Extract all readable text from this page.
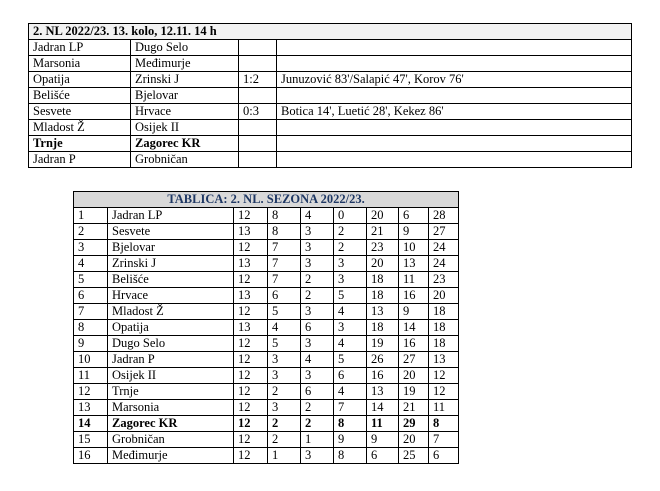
2. NL 2022/23. 13. kolo, 12.11. 14 h			
Jadran LP	Dugo Selo		
Marsonia	Međimurje		
Opatija	Zrinski J	1:2	Junuzović 83'/Salapić 47', Korov 76'
Belišće	Bjelovar		
Sesvete	Hrvace	0:3	Botica 14', Luetić 28', Kekez 86'
Mladost Ž	Osijek II		
Trnje	Zagorec KR		
Jadran P	Grobničan		
TABLICA: 2. NL. SEZONA 2022/23.								
1	Jadran LP	12	8	4	0	20	6	28
2	Sesvete	13	8	3	2	21	9	27
3	Bjelovar	12	7	3	2	23	10	24
4	Zrinski J	13	7	3	3	20	13	24
5	Belišće	12	7	2	3	18	11	23
6	Hrvace	13	6	2	5	18	16	20
7	Mladost Ž	12	5	3	4	13	9	18
8	Opatija	13	4	6	3	18	14	18
9	Dugo Selo	12	5	3	4	19	16	18
10	Jadran P	12	3	4	5	26	27	13
11	Osijek II	12	3	3	6	16	20	12
12	Trnje	12	2	6	4	13	19	12
13	Marsonia	12	3	2	7	14	21	11
14	Zagorec KR	12	2	2	8	11	29	8
15	Grobničan	12	2	1	9	9	20	7
16	Međimurje	12	1	3	8	6	25	6
